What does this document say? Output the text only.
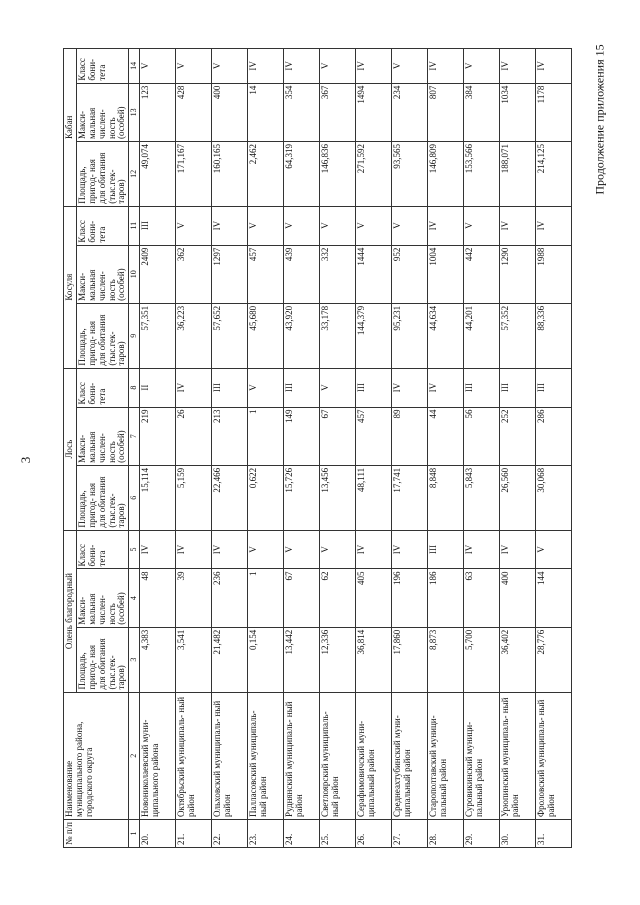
3
Продолжение приложения 15
№ п/п	Наименование муниципального района, городского округа	Олень благородный			Лось			Косуля			Кабан		
		Площадь, пригод- ная для обитания (тыс.гек- таров)	Макси- мальная числен- ность (особей)	Класс бони- тета	Площадь, пригод- ная для обитания (тыс.гек- таров)	Макси- мальная числен- ность (особей)	Класс бони- тета	Площадь, пригод- ная для обитания (тыс.гек- таров)	Макси- мальная числен- ность (особей)	Класс бони- тета	Площадь, пригод- ная для обитания (тыс.гек- таров)	Макси- мальная числен- ность (особей)	Класс бони- тета
1	2	3	4	5	6	7	8	9	10	11	12	13	14
20.	Новониколаевский муни- ципального района	4,383	48	IV	15,114	219	II	57,351	2409	III	49,074	123	V
21.	Октябрьский муниципаль- ный район	3,541	39	IV	5,159	26	IV	36,223	362	V	171,167	428	V
22.	Ольховский муниципаль- ный район	21,482	236	IV	22,466	213	III	57,652	1297	IV	160,165	400	V
23.	Палласовский муниципаль- ный район	0,154	1	V	0,622	1	V	45,680	457	V	2,462	14	IV
24.	Руднянский муниципаль- ный район	13,442	67	V	15,726	149	III	43,920	439	V	64,319	354	IV
25.	Светлоярский муниципаль- ный район	12,336	62	V	13,456	67	V	33,178	332	V	146,836	367	V
26.	Серафимовичский муни- ципальный район	36,814	405	IV	48,111	457	III	144,379	1444	V	271,592	1494	IV
27.	Среднеахтубинский муни- ципальный район	17,860	196	IV	17,741	89	IV	95,231	952	V	93,565	234	V
28.	Старополтавский муници- пальный район	8,873	186	III	8,848	44	IV	44,634	1004	IV	146,809	807	IV
29.	Суровикинский муници- пальный район	5,700	63	IV	5,843	56	III	44,201	442	V	153,566	384	V
30.	Урюпинский муниципаль- ный район	36,402	400	IV	26,560	252	III	57,352	1290	IV	188,071	1034	IV
31.	Фроловский муниципаль- ный район	28,776	144	V	30,068	286	III	88,336	1988	IV	214,125	1178	IV
